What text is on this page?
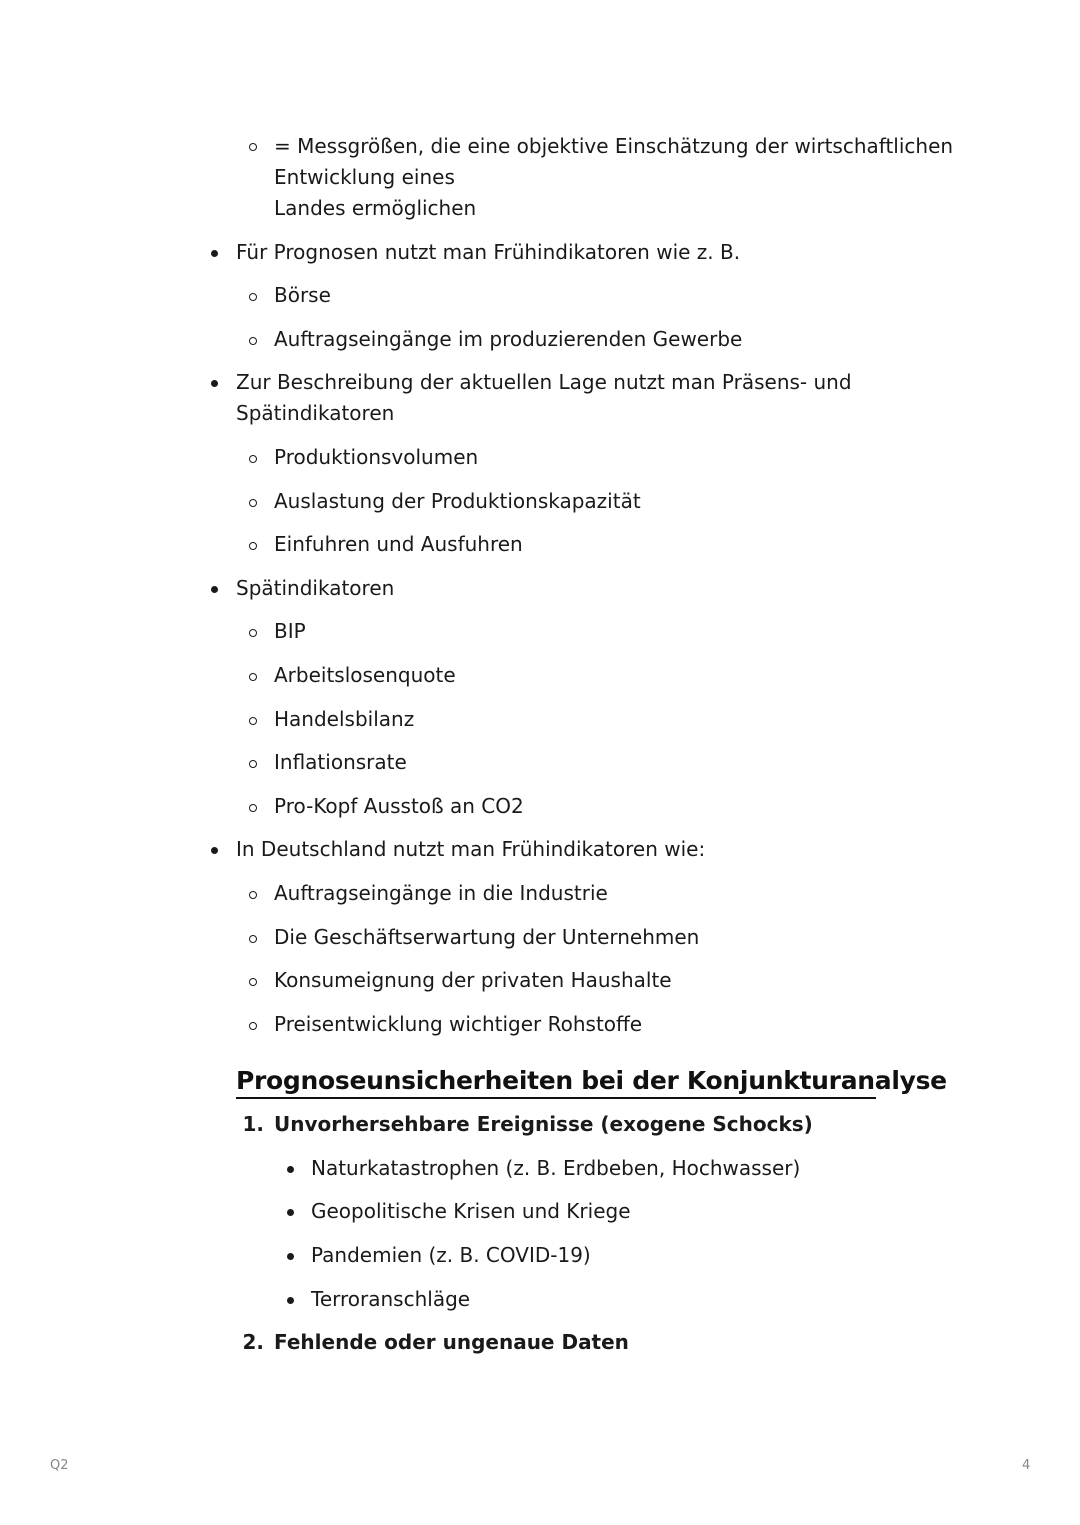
= Messgrößen, die eine objektive Einschätzung der wirtschaftlichen
Entwicklung eines
Landes ermöglichen
Für Prognosen nutzt man Frühindikatoren wie z. B.
Börse
Auftragseingänge im produzierenden Gewerbe
Zur Beschreibung der aktuellen Lage nutzt man Präsens- und
Spätindikatoren
Produktionsvolumen
Auslastung der Produktionskapazität
Einfuhren und Ausfuhren
Spätindikatoren
BIP
Arbeitslosenquote
Handelsbilanz
Inflationsrate
Pro-Kopf Ausstoß an CO2
In Deutschland nutzt man Frühindikatoren wie:
Auftragseingänge in die Industrie
Die Geschäftserwartung der Unternehmen
Konsumeignung der privaten Haushalte
Preisentwicklung wichtiger Rohstoffe
Prognoseunsicherheiten bei der Konjunkturanalyse
1. Unvorhersehbare Ereignisse (exogene Schocks)
Naturkatastrophen (z. B. Erdbeben, Hochwasser)
Geopolitische Krisen und Kriege
Pandemien (z. B. COVID-19)
Terroranschläge
2. Fehlende oder ungenaue Daten
Q2	4
